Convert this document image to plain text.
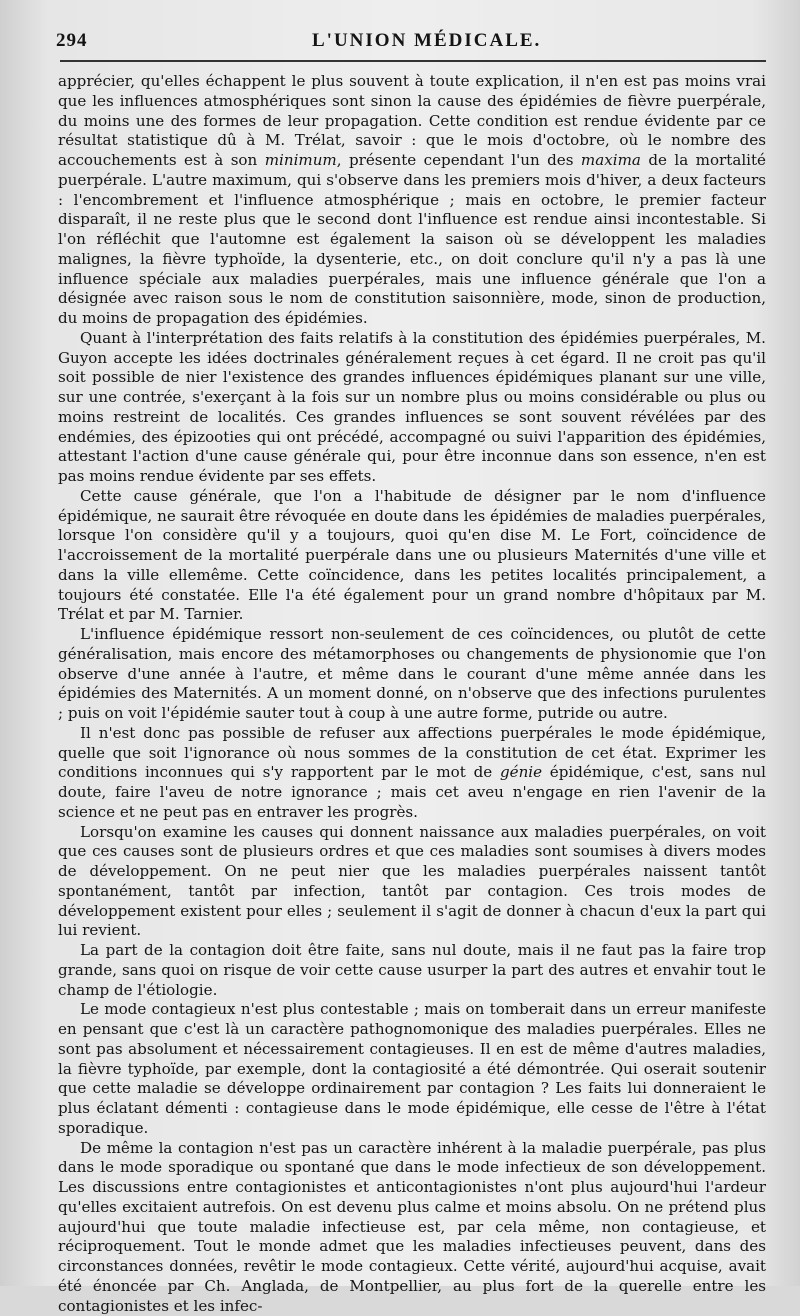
294	L'UNION MÉDICALE.

apprécier, qu'elles échappent le plus souvent à toute explication, il n'en est pas moins vrai que les influences atmosphériques sont sinon la cause des épidémies de fièvre puerpérale, du moins une des formes de leur propagation. Cette condition est rendue évidente par ce résultat statistique dû à M. Trélat, savoir : que le mois d'octobre, où le nombre des accouchements est à son minimum, présente cependant l'un des maxima de la mortalité puerpérale. L'autre maximum, qui s'observe dans les premiers mois d'hiver, a deux facteurs : l'encombrement et l'influence atmosphérique ; mais en octobre, le premier facteur disparaît, il ne reste plus que le second dont l'influence est rendue ainsi incontestable. Si l'on réfléchit que l'automne est également la saison où se développent les maladies malignes, la fièvre typhoïde, la dysenterie, etc., on doit conclure qu'il n'y a pas là une influence spéciale aux maladies puerpérales, mais une influence générale que l'on a désignée avec raison sous le nom de constitution saisonnière, mode, sinon de production, du moins de propagation des épidémies.

Quant à l'interprétation des faits relatifs à la constitution des épidémies puerpérales, M. Guyon accepte les idées doctrinales généralement reçues à cet égard. Il ne croit pas qu'il soit possible de nier l'existence des grandes influences épidémiques planant sur une ville, sur une contrée, s'exerçant à la fois sur un nombre plus ou moins considérable ou plus ou moins restreint de localités. Ces grandes influences se sont souvent révélées par des endémies, des épizooties qui ont précédé, accompagné ou suivi l'apparition des épidémies, attestant l'action d'une cause générale qui, pour être inconnue dans son essence, n'en est pas moins rendue évidente par ses effets.

Cette cause générale, que l'on a l'habitude de désigner par le nom d'influence épidémique, ne saurait être révoquée en doute dans les épidémies de maladies puerpérales, lorsque l'on considère qu'il y a toujours, quoi qu'en dise M. Le Fort, coïncidence de l'accroissement de la mortalité puerpérale dans une ou plusieurs Maternités d'une ville et dans la ville ellemême. Cette coïncidence, dans les petites localités principalement, a toujours été constatée. Elle l'a été également pour un grand nombre d'hôpitaux par M. Trélat et par M. Tarnier.

L'influence épidémique ressort non-seulement de ces coïncidences, ou plutôt de cette généralisation, mais encore des métamorphoses ou changements de physionomie que l'on observe d'une année à l'autre, et même dans le courant d'une même année dans les épidémies des Maternités. A un moment donné, on n'observe que des infections purulentes ; puis on voit l'épidémie sauter tout à coup à une autre forme, putride ou autre.

Il n'est donc pas possible de refuser aux affections puerpérales le mode épidémique, quelle que soit l'ignorance où nous sommes de la constitution de cet état. Exprimer les conditions inconnues qui s'y rapportent par le mot de génie épidémique, c'est, sans nul doute, faire l'aveu de notre ignorance ; mais cet aveu n'engage en rien l'avenir de la science et ne peut pas en entraver les progrès.

Lorsqu'on examine les causes qui donnent naissance aux maladies puerpérales, on voit que ces causes sont de plusieurs ordres et que ces maladies sont soumises à divers modes de développement. On ne peut nier que les maladies puerpérales naissent tantôt spontanément, tantôt par infection, tantôt par contagion. Ces trois modes de développement existent pour elles ; seulement il s'agit de donner à chacun d'eux la part qui lui revient.

La part de la contagion doit être faite, sans nul doute, mais il ne faut pas la faire trop grande, sans quoi on risque de voir cette cause usurper la part des autres et envahir tout le champ de l'étiologie.

Le mode contagieux n'est plus contestable ; mais on tomberait dans un erreur manifeste en pensant que c'est là un caractère pathognomonique des maladies puerpérales. Elles ne sont pas absolument et nécessairement contagieuses. Il en est de même d'autres maladies, la fièvre typhoïde, par exemple, dont la contagiosité a été démontrée. Qui oserait soutenir que cette maladie se développe ordinairement par contagion ? Les faits lui donneraient le plus éclatant démenti : contagieuse dans le mode épidémique, elle cesse de l'être à l'état sporadique.

De même la contagion n'est pas un caractère inhérent à la maladie puerpérale, pas plus dans le mode sporadique ou spontané que dans le mode infectieux de son développement. Les discussions entre contagionistes et anticontagionistes n'ont plus aujourd'hui l'ardeur qu'elles excitaient autrefois. On est devenu plus calme et moins absolu. On ne prétend plus aujourd'hui que toute maladie infectieuse est, par cela même, non contagieuse, et réciproquement. Tout le monde admet que les maladies infectieuses peuvent, dans des circonstances données, revêtir le mode contagieux. Cette vérité, aujourd'hui acquise, avait été énoncée par Ch. Anglada, de Montpellier, au plus fort de la querelle entre les contagionistes et les infec-
